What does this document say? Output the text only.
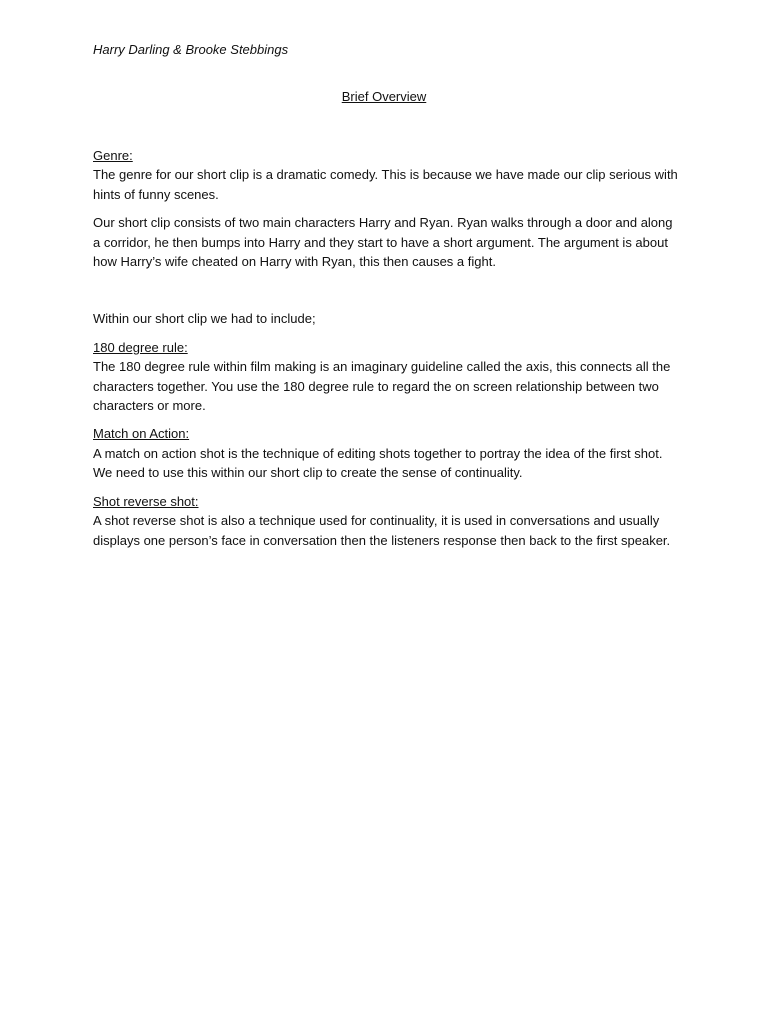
Harry Darling & Brooke Stebbings
Brief Overview
Genre:

The genre for our short clip is a dramatic comedy. This is because we have made our clip serious with hints of funny scenes.

Our short clip consists of two main characters Harry and Ryan. Ryan walks through a door and along a corridor, he then bumps into Harry and they start to have a short argument. The argument is about how Harry’s wife cheated on Harry with Ryan, this then causes a fight.

Within our short clip we had to include;

180 degree rule:

The 180 degree rule within film making is an imaginary guideline called the axis, this connects all the characters together. You use the 180 degree rule to regard the on screen relationship between two characters or more.

Match on Action:

A match on action shot is the technique of editing shots together to portray the idea of the first shot. We need to use this within our short clip to create the sense of continuality.

Shot reverse shot:

A shot reverse shot is also a technique used for continuality, it is used in conversations and usually displays one person’s face in conversation then the listeners response then back to the first speaker.
